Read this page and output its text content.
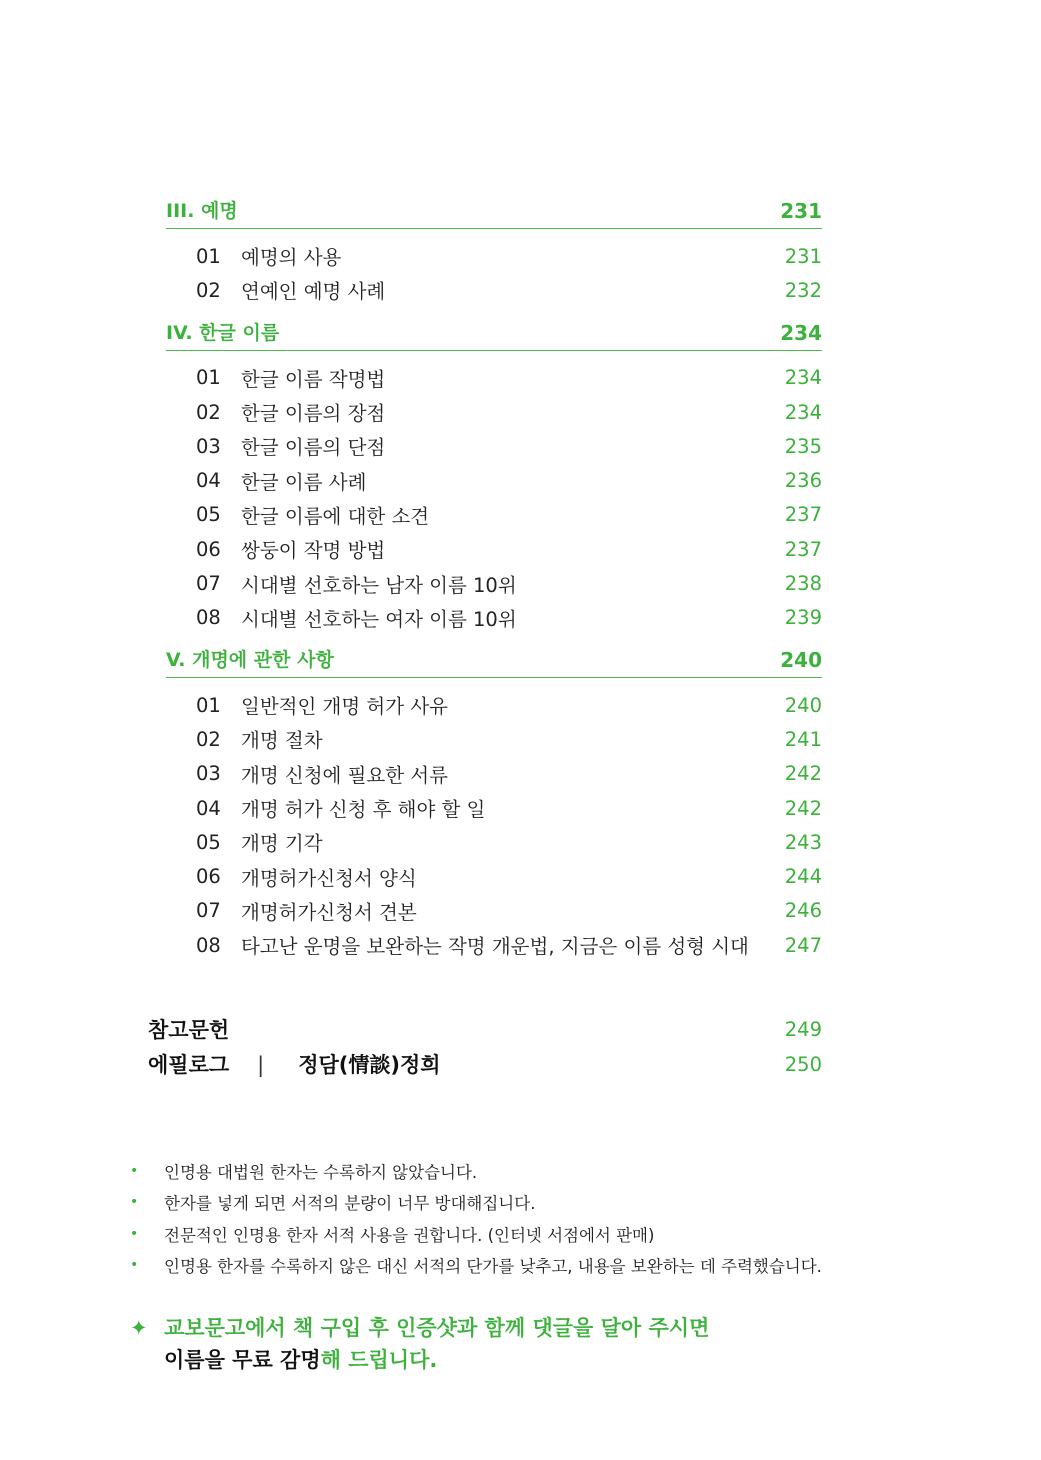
III. 예명	231
01	예명의 사용	231
02	연예인 예명 사례	232
IV. 한글 이름	234
01	한글 이름 작명법	234
02	한글 이름의 장점	234
03	한글 이름의 단점	235
04	한글 이름 사례	236
05	한글 이름에 대한 소견	237
06	쌍둥이 작명 방법	237
07	시대별 선호하는 남자 이름 10위	238
08	시대별 선호하는 여자 이름 10위	239
V. 개명에 관한 사항	240
01	일반적인 개명 허가 사유	240
02	개명 절차	241
03	개명 신청에 필요한 서류	242
04	개명 허가 신청 후 해야 할 일	242
05	개명 기각	243
06	개명허가신청서 양식	244
07	개명허가신청서 견본	246
08	타고난 운명을 보완하는 작명 개운법, 지금은 이름 성형 시대	247
참고문헌	249
에필로그 | 정담(情談)정희	250
•	인명용 대법원 한자는 수록하지 않았습니다.
•	한자를 넣게 되면 서적의 분량이 너무 방대해집니다.
•	전문적인 인명용 한자 서적 사용을 권합니다. (인터넷 서점에서 판매)
•	인명용 한자를 수록하지 않은 대신 서적의 단가를 낮추고, 내용을 보완하는 데 주력했습니다.
✦ 교보문고에서 책 구입 후 인증샷과 함께 댓글을 달아 주시면
이름을 무료 감명해 드립니다.
